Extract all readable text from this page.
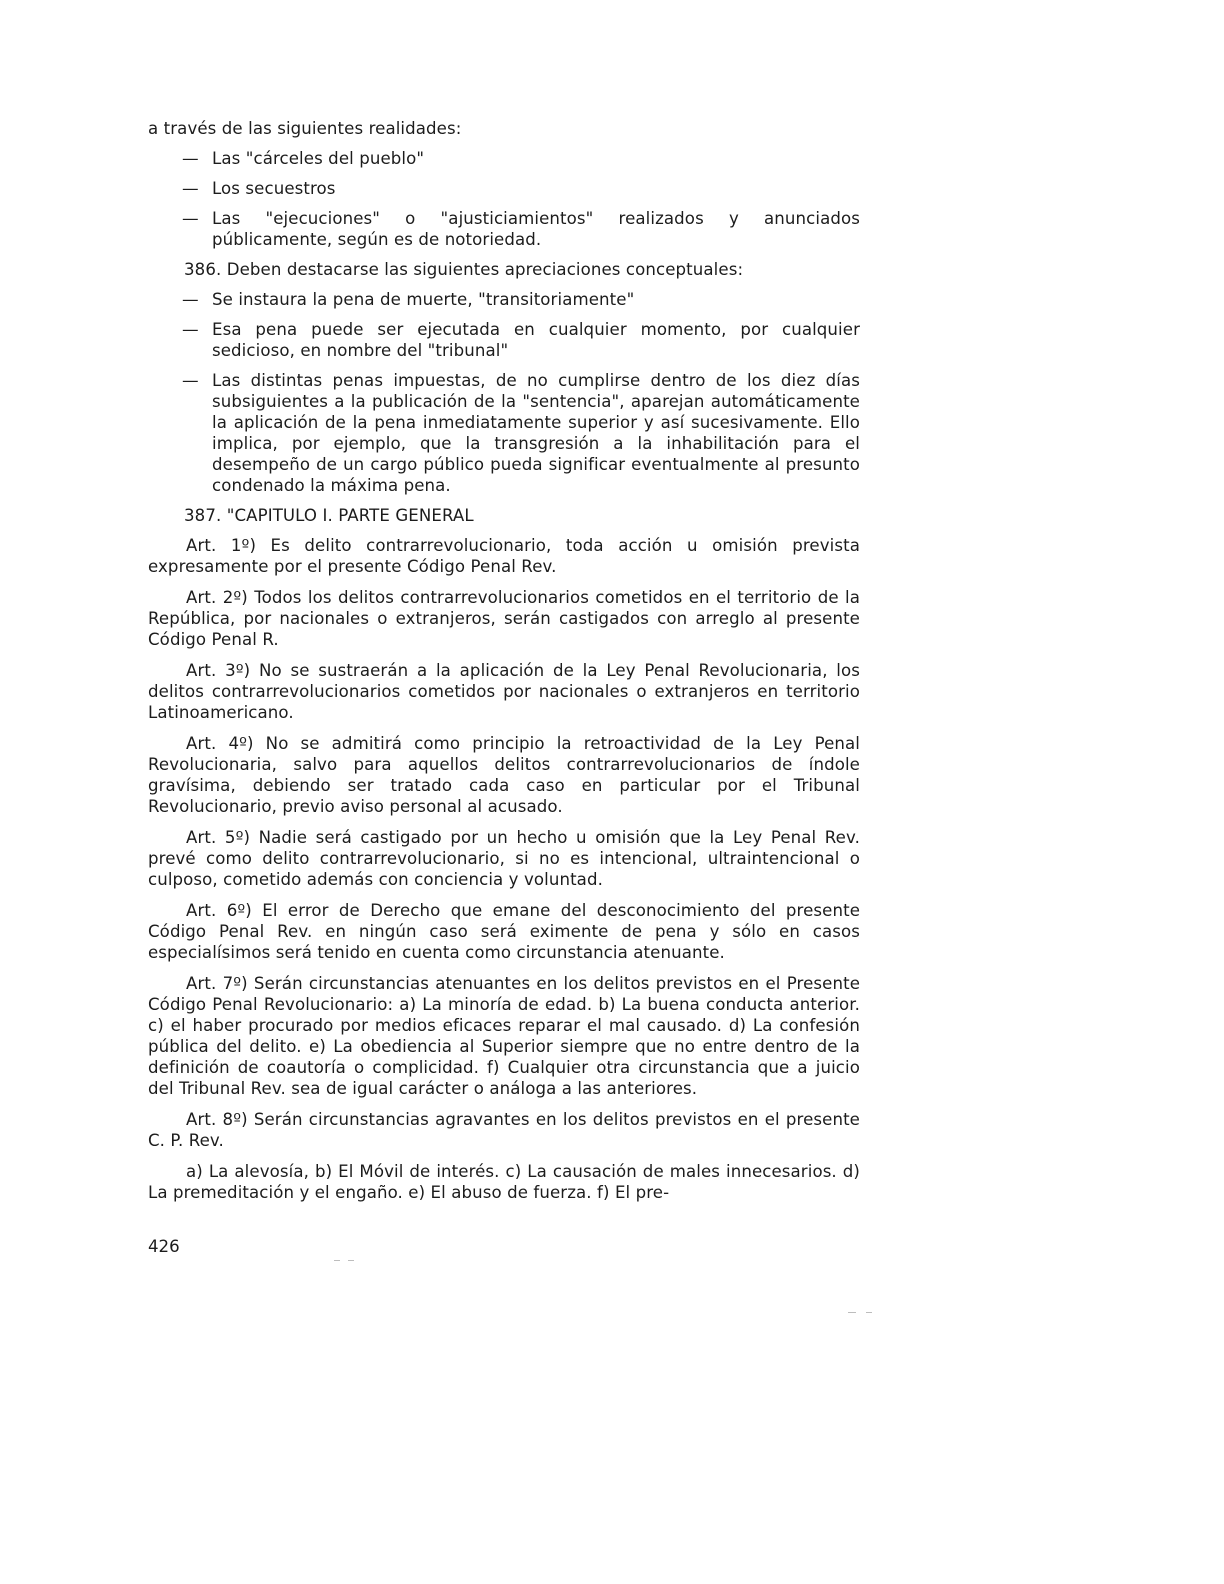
a través de las siguientes realidades:

— Las "cárceles del pueblo"
— Los secuestros
— Las "ejecuciones" o "ajusticiamientos" realizados y anunciados públicamente, según es de notoriedad.

386. Deben destacarse las siguientes apreciaciones conceptuales:

— Se instaura la pena de muerte, "transitoriamente"
— Esa pena puede ser ejecutada en cualquier momento, por cualquier sedicioso, en nombre del "tribunal"
— Las distintas penas impuestas, de no cumplirse dentro de los diez días subsiguientes a la publicación de la "sentencia", aparejan automáticamente la aplicación de la pena inmediatamente superior y así sucesivamente. Ello implica, por ejemplo, que la transgresión a la inhabilitación para el desempeño de un cargo público pueda significar eventualmente al presunto condenado la máxima pena.

387. "CAPITULO I. PARTE GENERAL

Art. 1º) Es delito contrarrevolucionario, toda acción u omisión prevista expresamente por el presente Código Penal Rev.

Art. 2º) Todos los delitos contrarrevolucionarios cometidos en el territorio de la República, por nacionales o extranjeros, serán castigados con arreglo al presente Código Penal R.

Art. 3º) No se sustraerán a la aplicación de la Ley Penal Revolucionaria, los delitos contrarrevolucionarios cometidos por nacionales o extranjeros en territorio Latinoamericano.

Art. 4º) No se admitirá como principio la retroactividad de la Ley Penal Revolucionaria, salvo para aquellos delitos contrarrevolucionarios de índole gravísima, debiendo ser tratado cada caso en particular por el Tribunal Revolucionario, previo aviso personal al acusado.

Art. 5º) Nadie será castigado por un hecho u omisión que la Ley Penal Rev. prevé como delito contrarrevolucionario, si no es intencional, ultraintencional o culposo, cometido además con conciencia y voluntad.

Art. 6º) El error de Derecho que emane del desconocimiento del presente Código Penal Rev. en ningún caso será eximente de pena y sólo en casos especialísimos será tenido en cuenta como circunstancia atenuante.

Art. 7º) Serán circunstancias atenuantes en los delitos previstos en el Presente Código Penal Revolucionario: a) La minoría de edad. b) La buena conducta anterior. c) el haber procurado por medios eficaces reparar el mal causado. d) La confesión pública del delito. e) La obediencia al Superior siempre que no entre dentro de la definición de coautoría o complicidad. f) Cualquier otra circunstancia que a juicio del Tribunal Rev. sea de igual carácter o análoga a las anteriores.

Art. 8º) Serán circunstancias agravantes en los delitos previstos en el presente C. P. Rev.

a) La alevosía, b) El Móvil de interés. c) La causación de males innecesarios. d) La premeditación y el engaño. e) El abuso de fuerza. f) El pre-

426
